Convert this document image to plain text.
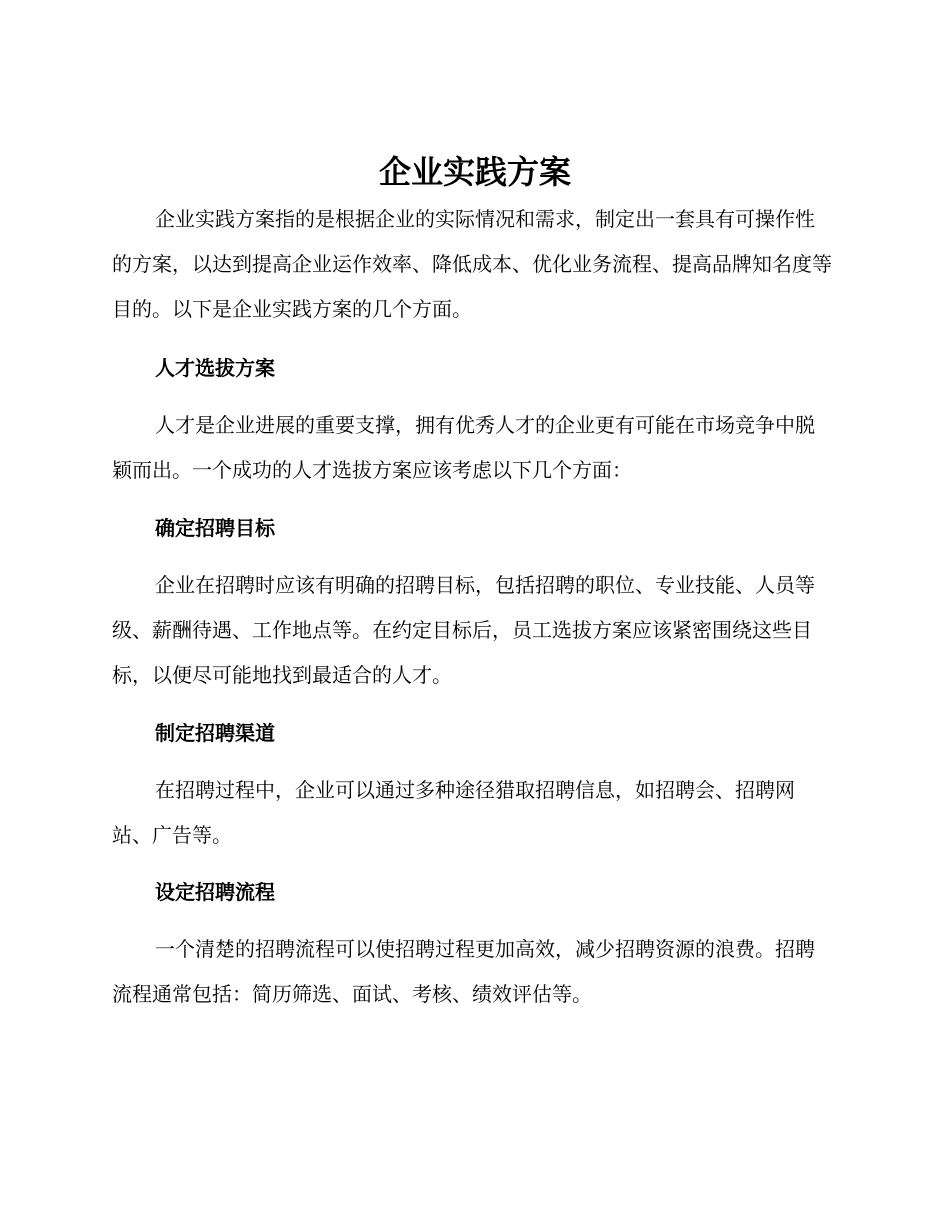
企业实践方案

企业实践方案指的是根据企业的实际情况和需求，制定出一套具有可操作性的方案，以达到提高企业运作效率、降低成本、优化业务流程、提高品牌知名度等目的。以下是企业实践方案的几个方面。

人才选拔方案

人才是企业进展的重要支撑，拥有优秀人才的企业更有可能在市场竞争中脱颖而出。一个成功的人才选拔方案应该考虑以下几个方面：

确定招聘目标

企业在招聘时应该有明确的招聘目标，包括招聘的职位、专业技能、人员等级、薪酬待遇、工作地点等。在约定目标后，员工选拔方案应该紧密围绕这些目标，以便尽可能地找到最适合的人才。

制定招聘渠道

在招聘过程中，企业可以通过多种途径猎取招聘信息，如招聘会、招聘网站、广告等。

设定招聘流程

一个清楚的招聘流程可以使招聘过程更加高效，减少招聘资源的浪费。招聘流程通常包括：简历筛选、面试、考核、绩效评估等。
